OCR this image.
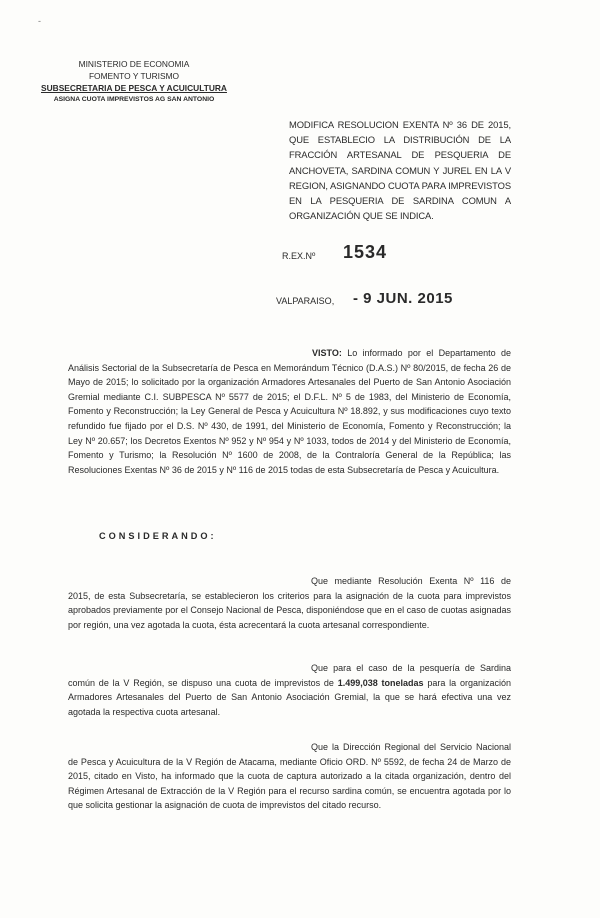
-
MINISTERIO DE ECONOMIA
FOMENTO Y TURISMO
SUBSECRETARIA DE PESCA Y ACUICULTURA
ASIGNA CUOTA IMPREVISTOS AG SAN ANTONIO
MODIFICA RESOLUCION EXENTA Nº 36 DE 2015, QUE ESTABLECIO LA DISTRIBUCIÓN DE LA FRACCIÓN ARTESANAL DE PESQUERIA DE ANCHOVETA, SARDINA COMUN Y JUREL EN LA V REGION, ASIGNANDO CUOTA PARA IMPREVISTOS EN LA PESQUERIA DE SARDINA COMUN A ORGANIZACIÓN QUE SE INDICA.
R.EX.Nº 1534
VALPARAISO, - 9 JUN. 2015

VISTO: Lo informado por el Departamento de Análisis Sectorial de la Subsecretaría de Pesca en Memorándum Técnico (D.A.S.) Nº 80/2015, de fecha 26 de Mayo de 2015; lo solicitado por la organización Armadores Artesanales del Puerto de San Antonio Asociación Gremial mediante C.I. SUBPESCA Nº 5577 de 2015; el D.F.L. Nº 5 de 1983, del Ministerio de Economía, Fomento y Reconstrucción; la Ley General de Pesca y Acuicultura Nº 18.892, y sus modificaciones cuyo texto refundido fue fijado por el D.S. Nº 430, de 1991, del Ministerio de Economía, Fomento y Reconstrucción; la Ley Nº 20.657; los Decretos Exentos Nº 952 y Nº 954 y Nº 1033, todos de 2014 y del Ministerio de Economía, Fomento y Turismo; la Resolución Nº 1600 de 2008, de la Contraloría General de la República; las Resoluciones Exentas Nº 36 de 2015 y Nº 116 de 2015 todas de esta Subsecretaría de Pesca y Acuicultura.

CONSIDERANDO:

Que mediante Resolución Exenta Nº 116 de 2015, de esta Subsecretaría, se establecieron los criterios para la asignación de la cuota para imprevistos aprobados previamente por el Consejo Nacional de Pesca, disponiéndose que en el caso de cuotas asignadas por región, una vez agotada la cuota, ésta acrecentará la cuota artesanal correspondiente.

Que para el caso de la pesquería de Sardina común de la V Región, se dispuso una cuota de imprevistos de 1.499,038 toneladas para la organización Armadores Artesanales del Puerto de San Antonio Asociación Gremial, la que se hará efectiva una vez agotada la respectiva cuota artesanal.

Que la Dirección Regional del Servicio Nacional de Pesca y Acuicultura de la V Región de Atacama, mediante Oficio ORD. Nº 5592, de fecha 24 de Marzo de 2015, citado en Visto, ha informado que la cuota de captura autorizado a la citada organización, dentro del Régimen Artesanal de Extracción de la V Región para el recurso sardina común, se encuentra agotada por lo que solicita gestionar la asignación de cuota de imprevistos del citado recurso.
